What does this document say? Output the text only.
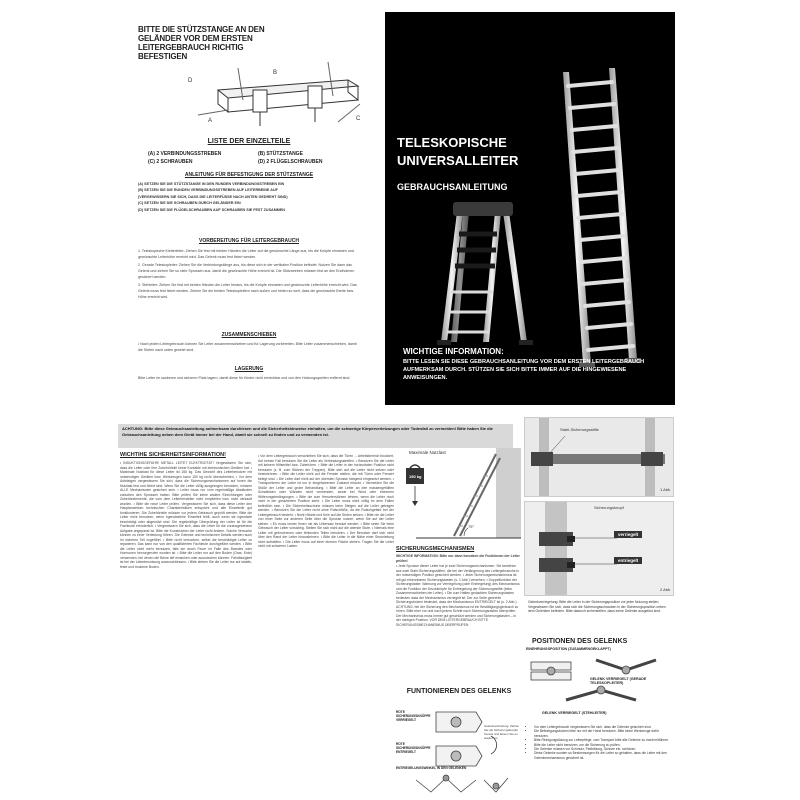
BITTE DIE STÜTZSTANGE AN DEN GELÄNDER VOR DEM ERSTEN LEITERGEBRAUCH RICHTIG BEFESTIGEN
D
A
B
C
LISTE DER EINZELTEILE
(A) 2 VERBINDUNGSSTREBEN	(B) STÜTZSTANGE
(C) 2 SCHRAUBEN	(D) 2 FLÜGELSCHRAUBEN
ANLEITUNG FÜR BEFESTIGUNG DER STÜTZSTANGE
(A) SETZEN SIE DIE STÜTZSTANGE IN DEN RUNDEN VERBINDUNGSSTREBEN EIN
(B) SETZEN SIE DIE RUNDEN VERBINDUNGSSTREBEN AUF LEITERBEINE AUF
(VERGEWISSERN SIE SICH, DASS DIE LEITERFÜSSE NACH UNTEN GEDREHT SIND)
(C) SETZEN SIE DIE SCHRAUBEN DURCH GELÄNDER EIN
(D) SETZEN SIE DIE FLÜGELSCHRAUBEN AUF SCHRAUBEN SIE FEST ZUSAMMEN
VORBEREITUNG FÜR LEITERGEBRAUCH
1. Teleskopische Kletterleiter: Ziehen Sie fest mit beiden Händen die Leiter auf die gewünschte Länge aus, bis die Knöpfe einrasten und gewünschte Leiterhöhe erreicht wird. Das Gelenk muss fest fixiert werden.
2. Gerade Teleskopleiter: Ziehen Sie die Verbindungsklinge aus, bis diese sich in der vertikalen Position befindet. Nutzen Sie dann das Gelenk und ziehen Sie so viele Sprossen aus, damit die gewünschte Höhe erreicht ist. Die Stützstreben müssen fest an den Endholmen gesichert werden.
3. Stehleiter: Ziehen Sie fest mit beiden Händen die Leiter heraus, bis die Knöpfe einrasten und gewünschte Leiterhöhe erreicht wird. Das Gelenk muss fest fixiert werden. Ziehen Sie die beiden Teleskopleitern nach außen und hinten so weit, dass die gewünschte Breite bzw. Höhe erreicht wird.
ZUSAMMENSCHIEBEN
• Nach jedem Leitergebrauch können Sie Leiter zusammenschieben und für Lagerung vorbereiten. Bitte Leiter zusammenschieben, damit die Stufen nach unten gesetzt sind.
LAGERUNG
Bitte Leiter im sauberen und sicheren Platz lagern, damit diese für Kinder nicht erreichbar und von den Holzungsquellen entfernt sind.
TELESKOPISCHE
UNIVERSALLEITER
GEBRAUCHSANLEITUNG
WICHTIGE INFORMATION:
BITTE LESEN SIE DIESE GEBRAUCHSANLEITUNG VOR DEM ERSTEN LEITERGEBRAUCH AUFMERKSAM DURCH. STÜTZEN SIE SICH BITTE IMMER AUF DIE HINGEWIESENE ANWEISUNGEN.
ACHTUNG: Bitte diese Gebrauchsanleitung aufmerksam durchlesen und die Sicherheitshinweise einhalten, um die schwerige Körperverletzungen oder Todesfall zu vermeiden! Bitte haben Sie die Gebrauchsanleitung neben dem Gerät immer bei der Hand, damit sie schnell zu finden und zu verwenden ist.
WICHTIHE SICHERHEITSINFORMATION!
• INDUKTIONSGEFAHR! METALL LEITET ELEKTRIZITÄT! Vergewissern Sie sich, dass die Leiter oder ihre Zubehörteile keine Kontakte mit elektronischen Geräten hat. • Maximale Nutzlast für diese Leiter ist 150 kg. Das Gewicht des Leiterbenutzer mit notwendigen Geräten bzw. Werkzeugen kann 150 kg nicht überschreiten. • Vor dem Aufsteigen vergewissern Sie sich, dass die Sicherungsmechanismen auf Innen die Nutzlast fest und fixiert sind. Wenn Sie die Leiter völlig ausgezogen benutzen, müssen ALLE Mechanismen gesichert sein. • Leiter muss nur vom regelmäßige Abständen zwischen den Sprossen haben. Bitte prüfen Sie keine andere Einrichtungen oder Zubehörelemente, die vom dem Leiterhersteller nicht empfohlen bzw. nicht verkauft wurden. • Bitte die neue Leiter prüfen. Vergewissern Sie sich, dass diese Leiter den Hauptanweisen technischen Charakteristiken entspricht und alle Einzelteile gut funktionieren. Die Zubehörteile müssen vor jedem Gebrauch geprüft werden. Bitte die Leiter nicht benutzen, wenn irgendwelche Einzelteil fehlt, auch wenn sie irgendwie beschädigt oder abgenützt sind. Die regelmäßige Überprüfung der Leiter ist für die Fachleute erforderlich. • Vergewissern Sie sich, dass die Leiter für die vorausgesehene Aufgabe angepasst ist. Bitte die Konstruktion der Leiter nicht ändern. Solche Versuche können zu einer Verletzung führen. Die Gelenke und technischen Details werden auch im sicheren Teil zugeführt. • Bitte nicht versuchen, selbst die beschädigte Leiter zu reparieren. Das kann nur von den qualifizierten Fachleute durchgeführt werden. • Bitte die Leiter nicht mehr benutzen, falls sie durch Feuer im Falle des Brandes oder Hormonen hervorgerufen worden ist. • Bitte die Leiter nur auf den Boden (Gras, Erde) verwenden, bei denen die Beine tief einsinken oder ausrutschen können. Fahrlässigkeit ist bei der Leiterbenutzung auszuschliessen. • Bitte stehen Sie die Leiter nur auf stabile, feste und trockene Boden.
• Vor dem Leitergebrauch verschieben Sie sich, dass die Türen ... Arbeitsbereich blockiert. Auf keinen Fall benutzen Sie die Leiter als Verbindungsstreifen. • Benutzen Sie die Leiter mit keinem Hilfsmittel bzw. Zubehören. • Bitte die Leiter in der horizontalen Position nicht benutzen (z. B. zum Stützen der Treppen). Bitte sich auf die Leiter nicht setzen oder hineinlehnen. • Bitte die Leiter nicht auf die Fenster stellen, die mit Türen oder Fenster belegt sind. • Die Leiter darf nicht auf der obersten Sprosse hängend eingesetzt werden. • Transportieren der Leiter ist nur in eingefahrenem Zustand erlaubt. • Vermeiden Sie die Stöße der Leiter und grobe Behandlung. • Bitte die Leiter an den massengefüllten Schwänken oder Wänden nicht verwenden, sowie bei Wind oder extremen Witterungsbedingungen. • Bitte nie zum Herunterstürzen lehnen, wenn die Leiter noch nicht in der gesicherten Position steht. • Die Leiter muss nicht völlig im dem Fallen befindlich sein. • Die Sicherheitsschuhe müssen beim Steigen auf die Leiter getragen werden. • Benutzen Sie die Leiter nicht ohne Rutschfüße, da die Rutschgefahr bei der Leitergebrauch besteht. • Nicht Hände und Knie auf die Stufen setzen. • Bitte nie die Leiter von einer Seite zur anderen Seite über die Sprosse nutzen, wenn Sie auf der Leiter stehen. • Es muss immer Ihnen nie als Untersatz benutzt werden. • Bitte seien Sie beim Gebrauch der Leiter vorsichtig. Stellen Sie sich nicht auf die oberste Stufe. • Niemals eine Leiter mit gebrochenen oder fehlenden Teilen benutzen. • Der Benutzer darf sich nicht über den Rand der Leiter hinauslehnen. • Bitte die Leiter in die Nähe einer Stromleitung nicht aufstellen. • Die Leiter muss auf einer ebenen Fläche stehen. Tragen Sie die Leiter nicht mit schweren Lasten.
Maximale Nutzlast
150 kg
75°
SICHERUNGSMECHANISMEN
WICHTIGE INFORMATION: Bitte nur dann benutzen die Funktionen der Leiter prüfen!
• Jede Sprosse dieser Leiter hat je zwei Sicherungsmechanismen. Sie bestehen aus zwei Stahl-Sicherungsstiften, die bei der Verlängerung des Leitergebrauchs in der notwendigen Position gesichert werden. • Jeder Sicherungsmechanismus ist mit gut erkennbaren Sicherungstasten (s. 1 Abb.) versehen. • Doppelfunktion der Sicherungstaste: Warnung vor Verriegelung (oder Entriegelung) des Mechanismus und die Funktion der Druckknöpfe für Entriegelung der Sicherungsstifte (beim Zusammenschieben der Leiter). • Die zum Halten gedachten Sicherungstasten bedeuten dass der Mechanismus verriegelt ist. Der zur Seite gedrehte Sicherungsbolzen bedeutet, dass der Mechanismus ENTRIEGELT ist (s. 2 Abb.). ACHTUNG: bei der Sicherung des Mechanismus ist ein Bestätigungsgeräusch zu hören. Bitte eher vor und nach jedem Schritt nach Sicherungsrasten überprüfen. Der Mechanismus muss immer gut geschützt werden und Sicherungstasten – in der richtigen Position. VOR DEM LEITERGEBRAUCH BITTE SICHERUNGSMECHANISMUS ÜBERPRÜFEN
FUNTIONIEREN DES GELENKS
ROTE SICHERUNGSKNÖPFE VERRIEGELT
ROTE SICHERUNGSKNÖPFE ENTRIEGELT
Gelenkverbindung: Ziehen Sie die Sicherungsknöpfe heraus und lassen Sie es wieder los.
ENTRIEGELUNGSWINKEL IN DEN GELENKEN
Stahl-Sicherungsstifte
1 Abb
Sicherungsknopf
verriegelt
entriegelt
2 Abb
Gelenkverriegelung: Bitte die Leiter in der Sicherungsposition vor jeder Nutzung stellen. Vergewissern Sie sich, dass sich die Sicherungsschrauben in der Sicherungsposition neben dem Gelenken befinden. Bitte dadurch sicherstellen, dass keine Gelenke ausgelöst sind.
POSITIONEN DES GELENKS
EINEHRUNGSPOSITION (ZUSAMMENGEKLAPPT)
GELENK VERRIEGELT (GERADE TELESKOPLEITER)
GELENK VERRIEGELT (STEHLEITER)
• Vor dem Leitergebrauch vergewissern Sie sich, dass die Gelenke gesichert sind.
• Die Befestigungsbolzen bitte nur mit der Hand benutzen. Bitte keine Werkzeuge dafür benutzen.
• Bitte Reinigungslösung zur Leiterpflege, zum Transport bitte alle Gelenke zu zweit mitführen.
• Bitte die Leiter nicht benutzen, um die Sicherung zu prüfen.
• Die Gelenke müssen vor Schmutz, Fettbildung, Schnee etc. schützen.
• Diese Gelenke wurden so Bestimmungen für die Leiter so gehalten, dass die Leiter mit den Gelenkmechanismus gesichert ist.
